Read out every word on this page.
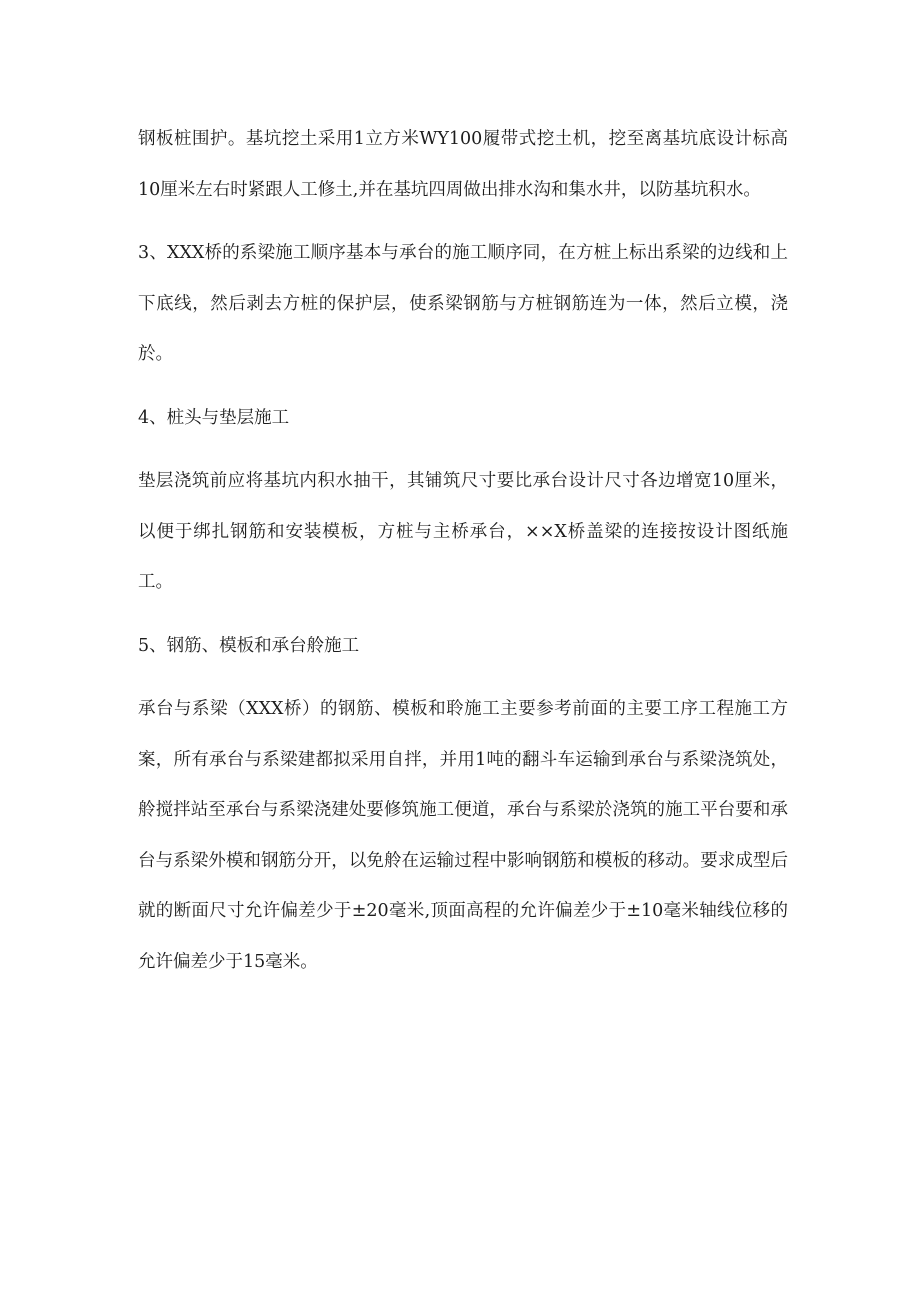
钢板桩围护。基坑挖土采用1立方米WY100履带式挖土机，挖至离基坑底设计标高10厘米左右时紧跟人工修土,并在基坑四周做出排水沟和集水井，以防基坑积水。

3、XXX桥的系梁施工顺序基本与承台的施工顺序同，在方桩上标出系梁的边线和上下底线，然后剥去方桩的保护层，使系梁钢筋与方桩钢筋连为一体，然后立模，浇於。

4、桩头与垫层施工

垫层浇筑前应将基坑内积水抽干，其铺筑尺寸要比承台设计尺寸各边增宽10厘米，以便于绑扎钢筋和安装模板，方桩与主桥承台，××X桥盖梁的连接按设计图纸施工。

5、钢筋、模板和承台舲施工

承台与系梁（XXX桥）的钢筋、模板和聆施工主要参考前面的主要工序工程施工方案，所有承台与系梁建都拟采用自拌，并用1吨的翻斗车运输到承台与系梁浇筑处，舲搅拌站至承台与系梁浇建处要修筑施工便道，承台与系梁於浇筑的施工平台要和承台与系梁外模和钢筋分开，以免舲在运输过程中影响钢筋和模板的移动。要求成型后就的断面尺寸允许偏差少于±20毫米,顶面高程的允许偏差少于±10毫米轴线位移的允许偏差少于15毫米。
